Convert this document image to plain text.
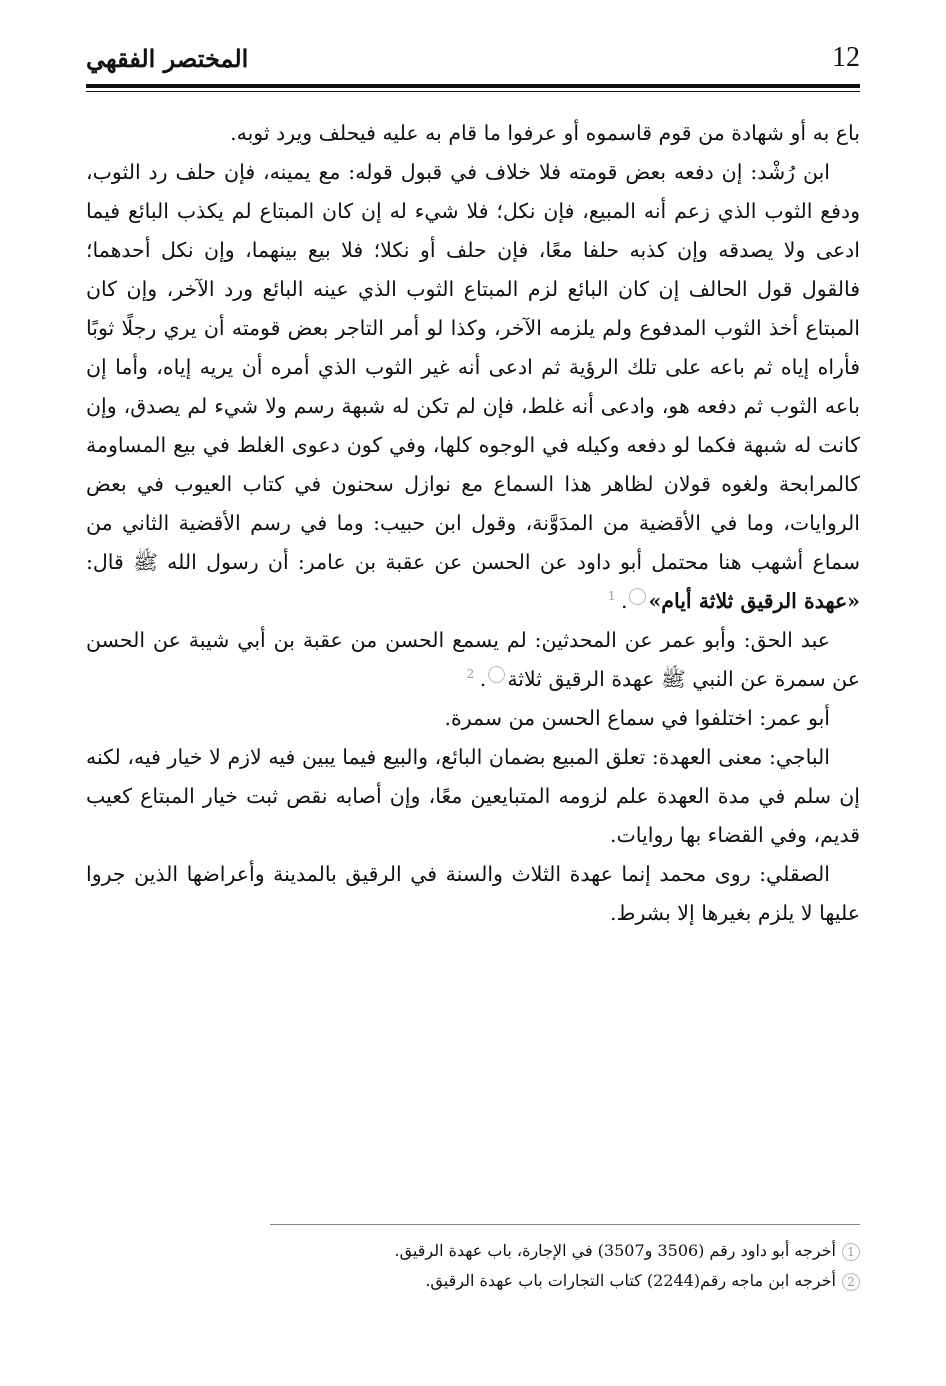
12
المختصر الفقهي

باع به أو شهادة من قوم قاسموه أو عرفوا ما قام به عليه فيحلف ويرد ثوبه.

ابن رُشْد: إن دفعه بعض قومته فلا خلاف في قبول قوله: مع يمينه، فإن حلف رد الثوب، ودفع الثوب الذي زعم أنه المبيع، فإن نكل؛ فلا شيء له إن كان المبتاع لم يكذب البائع فيما ادعى ولا يصدقه وإن كذبه حلفا معًا، فإن حلف أو نكلا؛ فلا بيع بينهما، وإن نكل أحدهما؛ فالقول قول الحالف إن كان البائع لزم المبتاع الثوب الذي عينه البائع ورد الآخر، وإن كان المبتاع أخذ الثوب المدفوع ولم يلزمه الآخر، وكذا لو أمر التاجر بعض قومته أن يري رجلًا ثوبًا فأراه إياه ثم باعه على تلك الرؤية ثم ادعى أنه غير الثوب الذي أمره أن يريه إياه، وأما إن باعه الثوب ثم دفعه هو، وادعى أنه غلط، فإن لم تكن له شبهة رسم ولا شيء لم يصدق، وإن كانت له شبهة فكما لو دفعه وكيله في الوجوه كلها، وفي كون دعوى الغلط في بيع المساومة كالمرابحة ولغوه قولان لظاهر هذا السماع مع نوازل سحنون في كتاب العيوب في بعض الروايات، وما في الأقضية من المدَوَّنة، وقول ابن حبيب: وما في رسم الأقضية الثاني من سماع أشهب هنا محتمل أبو داود عن الحسن عن عقبة بن عامر: أن رسول الله ﷺ قال: «عهدة الرقيق ثلاثة أيام»1 .

عبد الحق: وأبو عمر عن المحدثين: لم يسمع الحسن من عقبة بن أبي شيبة عن الحسن عن سمرة عن النبي ﷺ عهدة الرقيق ثلاثة2 .

أبو عمر: اختلفوا في سماع الحسن من سمرة.

الباجي: معنى العهدة: تعلق المبيع بضمان البائع، والبيع فيما يبين فيه لازم لا خيار فيه، لكنه إن سلم في مدة العهدة علم لزومه المتبايعين معًا، وإن أصابه نقص ثبت خيار المبتاع كعيب قديم، وفي القضاء بها روايات.

الصقلي: روى محمد إنما عهدة الثلاث والسنة في الرقيق بالمدينة وأعراضها الذين جروا عليها لا يلزم بغيرها إلا بشرط.

1أخرجه أبو داود رقم (3506 و3507) في الإجارة، باب عهدة الرقيق.

2أخرجه ابن ماجه رقم(2244) كتاب التجارات باب عهدة الرقيق.
